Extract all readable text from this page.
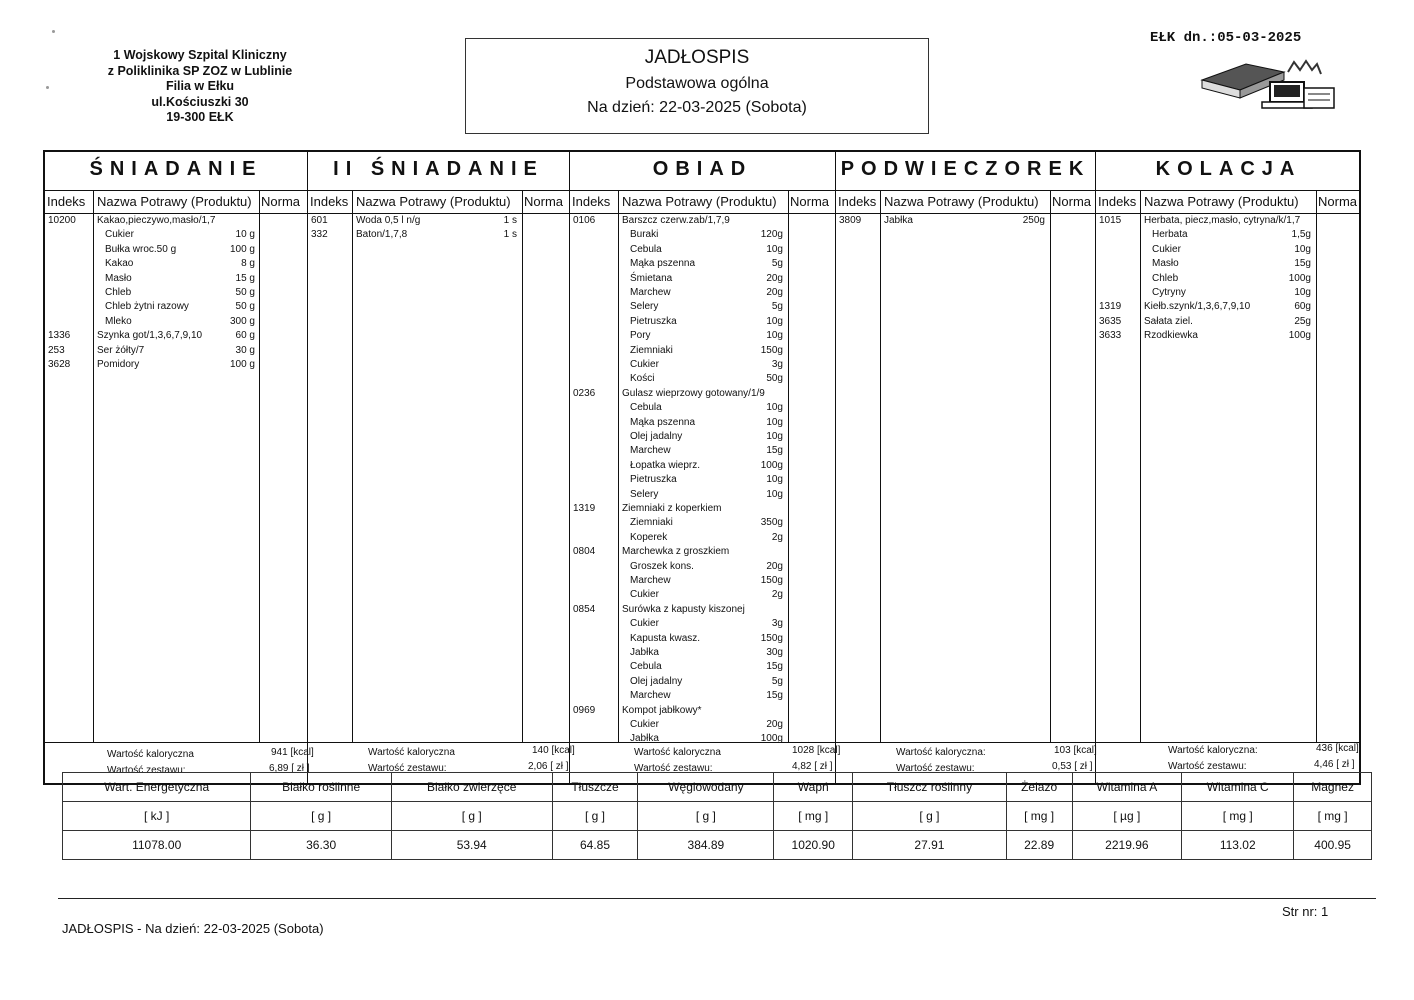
1 Wojskowy Szpital Kliniczny
z Poliklinika SP ZOZ w Lublinie
Filia w Ełku
ul.Kościuszki 30
19-300 EŁK
JADŁOSPIS
Podstawowa ogólna
Na dzień: 22-03-2025 (Sobota)
EŁK dn.:05-03-2025
ŚNIADANIE
Indeks Nazwa Potrawy (Produktu) Norma
10200 Kakao,pieczywo,masło/1,7
Cukier	10 g
Bułka wroc.50 g	100 g
Kakao	8 g
Masło	15 g
Chleb	50 g
Chleb żytni razowy	50 g
Mleko	300 g
1336	Szynka got/1,3,6,7,9,10	60 g
253	Ser żółty/7	30 g
3628	Pomidory	100 g
Wartość kaloryczna	941 [kcal]
Wartość zestawu:	6,89 [ zł ]
II ŚNIADANIE
Indeks Nazwa Potrawy (Produktu) Norma
601	Woda 0,5 l n/g	1 s
332	Baton/1,7,8	1 s
Wartość kaloryczna	140 [kcal]
Wartość zestawu:	2,06 [ zł ]
OBIAD
Indeks Nazwa Potrawy (Produktu) Norma
0106	Barszcz czerw.zab/1,7,9
Buraki	120g
Cebula	10g
Mąka pszenna	5g
Śmietana	20g
Marchew	20g
Selery	5g
Pietruszka	10g
Pory	10g
Ziemniaki	150g
Cukier	3g
Kości	50g
0236	Gulasz wieprzowy gotowany/1/9
Cebula	10g
Mąka pszenna	10g
Olej jadalny	10g
Marchew	15g
Łopatka wieprz.	100g
Pietruszka	10g
Selery	10g
1319	Ziemniaki z koperkiem
Ziemniaki	350g
Koperek	2g
0804	Marchewka z groszkiem
Groszek kons.	20g
Marchew	150g
Cukier	2g
0854	Surówka z kapusty kiszonej
Cukier	3g
Kapusta kwasz.	150g
Jabłka	30g
Cebula	15g
Olej jadalny	5g
Marchew	15g
0969	Kompot jabłkowy*
Cukier	20g
Jabłka	100g
Wartość kaloryczna	1028 [kcal]
Wartość zestawu:	4,82 [ zł ]
PODWIECZOREK
Indeks Nazwa Potrawy (Produktu) Norma
3809 Jabłka	250g
Wartość kaloryczna:	103 [kcal]
Wartość zestawu:	0,53 [ zł ]
KOLACJA
Indeks Nazwa Potrawy (Produktu) Norma
1015 Herbata, piecz,masło, cytryna/k/1,7
Herbata	1,5g
Cukier	10g
Masło	15g
Chleb	100g
Cytryny	10g
1319 Kiełb.szynk/1,3,6,7,9,10	60g
3635 Sałata ziel.	25g
3633 Rzodkiewka	100g
Wartość kaloryczna:	436 [kcal]
Wartość zestawu:	4,46 [ zł ]
Wart. Energetyczna	Białko roślinne	Białko zwierzęce	Tłuszcze	Węglowodany	Wapń	Tłuszcz roślinny	Żelazo	Witamina A	Witamina C	Magnez
[ kJ ]	[ g ]	[ g ]	[ g ]	[ g ]	[ mg ]	[ g ]	[ mg ]	[ µg ]	[ mg ]	[ mg ]
11078.00	36.30	53.94	64.85	384.89	1020.90	27.91	22.89	2219.96	113.02	400.95
JADŁOSPIS - Na dzień: 22-03-2025 (Sobota)
Str nr: 1
